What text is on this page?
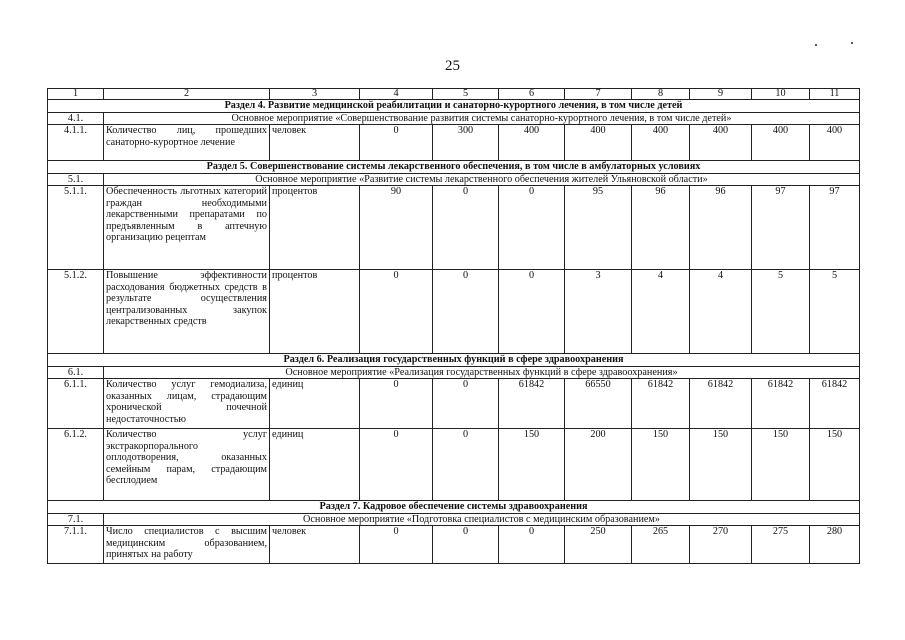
25
1	2	3	4	5	6	7	8	9	10	11
Раздел 4. Развитие медицинской реабилитации и санаторно-курортного лечения, в том числе детей										
4.1.	Основное мероприятие «Совершенствование развития системы санаторно-курортного лечения, в том числе детей»									
4.1.1.	Количество лиц, прошедших санаторно-курортное лечение	человек	0	300	400	400	400	400	400	400
Раздел 5. Совершенствование системы лекарственного обеспечения, в том числе в амбулаторных условиях										
5.1.	Основное мероприятие «Развитие системы лекарственного обеспечения жителей Ульяновской области»									
5.1.1.	Обеспеченность льготных категорий граждан необходимыми лекарственными препаратами по предъявленным в аптечную организацию рецептам	процентов	90	0	0	95	96	96	97	97
5.1.2.	Повышение эффективности расходования бюджетных средств в результате осуществления централизованных закупок лекарственных средств	процентов	0	0	0	3	4	4	5	5
Раздел 6. Реализация государственных функций в сфере здравоохранения										
6.1.	Основное мероприятие «Реализация государственных функций в сфере здравоохранения»									
6.1.1.	Количество услуг гемодиализа, оказанных лицам, страдающим хронической почечной недостаточностью	единиц	0	0	61842	66550	61842	61842	61842	61842
6.1.2.	Количество услуг экстракорпорального оплодотворения, оказанных семейным парам, страдающим бесплодием	единиц	0	0	150	200	150	150	150	150
Раздел 7. Кадровое обеспечение системы здравоохранения										
7.1.	Основное мероприятие «Подготовка специалистов с медицинским образованием»									
7.1.1.	Число специалистов с высшим медицинским образованием, принятых на работу	человек	0	0	0	250	265	270	275	280
